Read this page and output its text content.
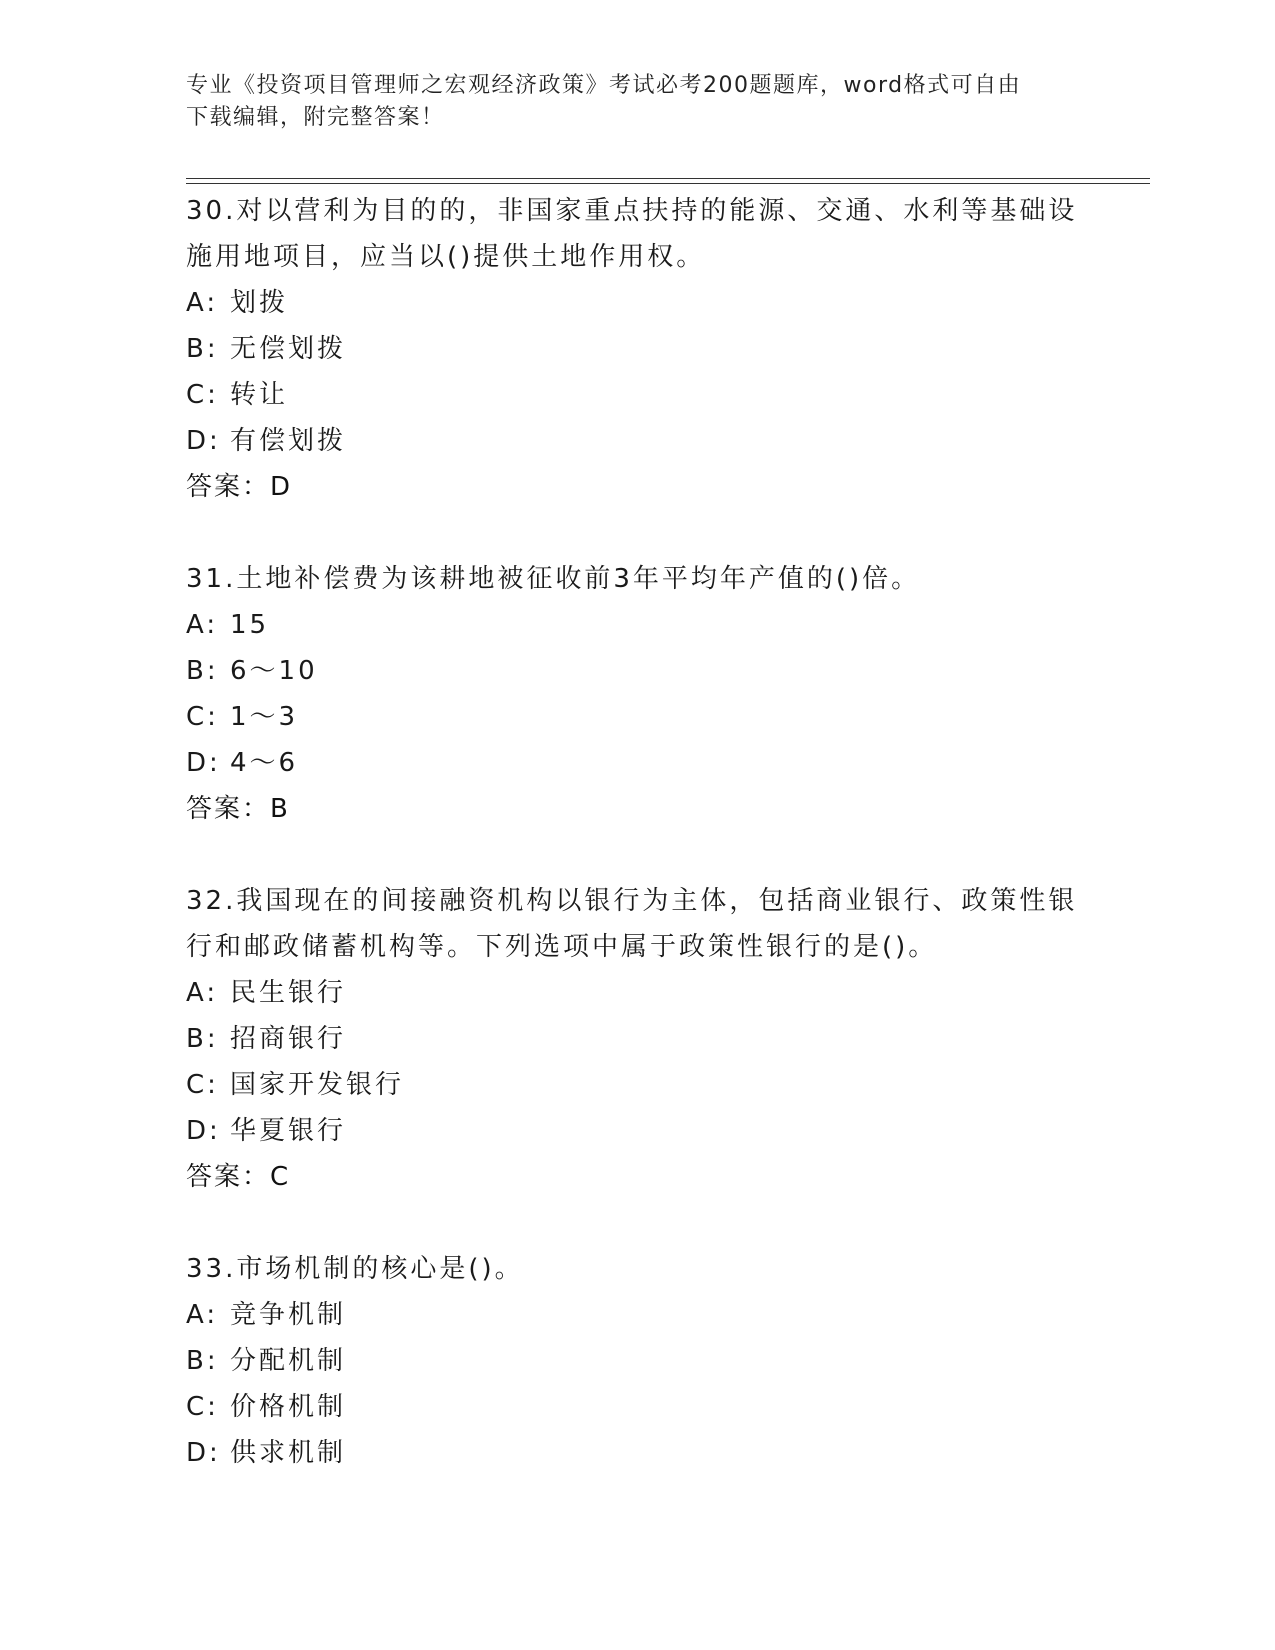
专业《投资项目管理师之宏观经济政策》考试必考200题题库，word格式可自由
下载编辑，附完整答案！
30.对以营利为目的的，非国家重点扶持的能源、交通、水利等基础设
施用地项目，应当以()提供土地作用权。
A: 划拨
B: 无偿划拨
C: 转让
D: 有偿划拨
答案：D
31.土地补偿费为该耕地被征收前3年平均年产值的()倍。
A: 15
B: 6～10
C: 1～3
D: 4～6
答案：B
32.我国现在的间接融资机构以银行为主体，包括商业银行、政策性银
行和邮政储蓄机构等。下列选项中属于政策性银行的是()。
A: 民生银行
B: 招商银行
C: 国家开发银行
D: 华夏银行
答案：C
33.市场机制的核心是()。
A: 竞争机制
B: 分配机制
C: 价格机制
D: 供求机制
